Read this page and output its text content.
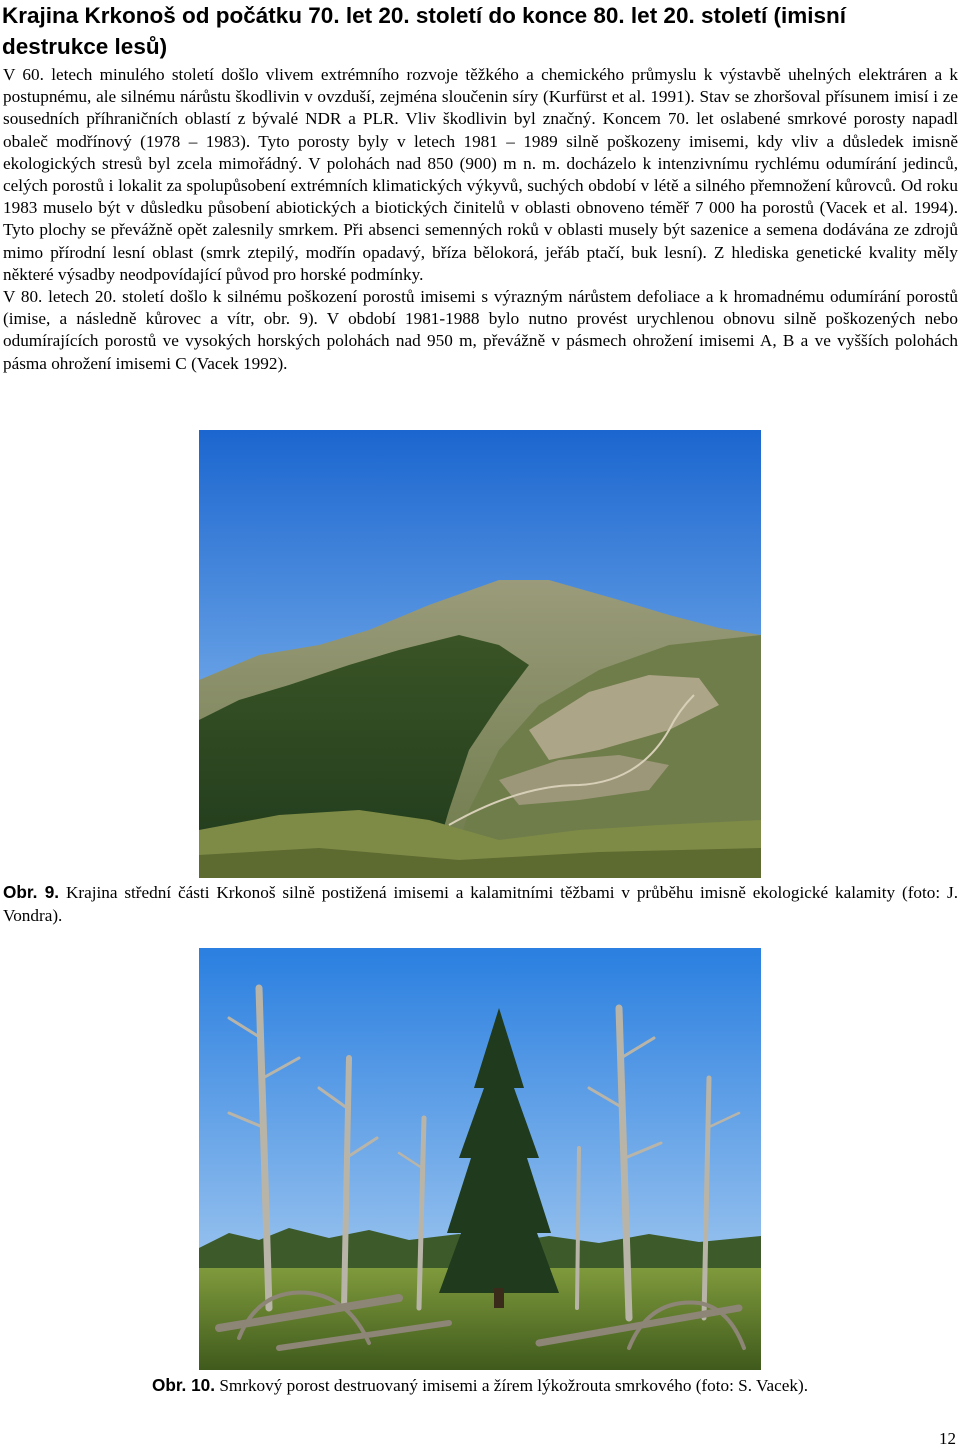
Krajina Krkonoš od počátku 70. let 20. století do konce 80. let 20. století (imisní destrukce lesů)

V 60. letech minulého století došlo vlivem extrémního rozvoje těžkého a chemického průmyslu k výstavbě uhelných elektráren a k postupnému, ale silnému nárůstu škodlivin v ovzduší, zejména sloučenin síry (Kurfürst et al. 1991). Stav se zhoršoval přísunem imisí i ze sousedních příhraničních oblastí z bývalé NDR a PLR. Vliv škodlivin byl značný. Koncem 70. let oslabené smrkové porosty napadl obaleč modřínový (1978 – 1983). Tyto porosty byly v letech 1981 – 1989 silně poškozeny imisemi, kdy vliv a důsledek imisně ekologických stresů byl zcela mimořádný. V polohách nad 850 (900) m n. m. docházelo k intenzivnímu rychlému odumírání jedinců, celých porostů i lokalit za spolupůsobení extrémních klimatických výkyvů, suchých období v létě a silného přemnožení kůrovců. Od roku 1983 muselo být v důsledku působení abiotických a biotických činitelů v oblasti obnoveno téměř 7 000 ha porostů (Vacek et al. 1994). Tyto plochy se převážně opět zalesnily smrkem. Při absenci semenných roků v oblasti musely být sazenice a semena dodávána ze zdrojů mimo přírodní lesní oblast (smrk ztepilý, modřín opadavý, bříza bělokorá, jeřáb ptačí, buk lesní). Z hlediska genetické kvality měly některé výsadby neodpovídající původ pro horské podmínky.

V 80. letech 20. století došlo k silnému poškození porostů imisemi s výrazným nárůstem defoliace a k hromadnému odumírání porostů (imise, a následně kůrovec a vítr, obr. 9). V období 1981-1988 bylo nutno provést urychlenou obnovu silně poškozených nebo odumírajících porostů ve vysokých horských polohách nad 950 m, převážně v pásmech ohrožení imisemi A, B a ve vyšších polohách pásma ohrožení imisemi C (Vacek 1992).

Obr. 9. Krajina střední části Krkonoš silně postižená imisemi a kalamitními těžbami v průběhu imisně ekologické kalamity (foto: J. Vondra).

Obr. 10. Smrkový porost destruovaný imisemi a žírem lýkožrouta smrkového (foto: S. Vacek).

12
